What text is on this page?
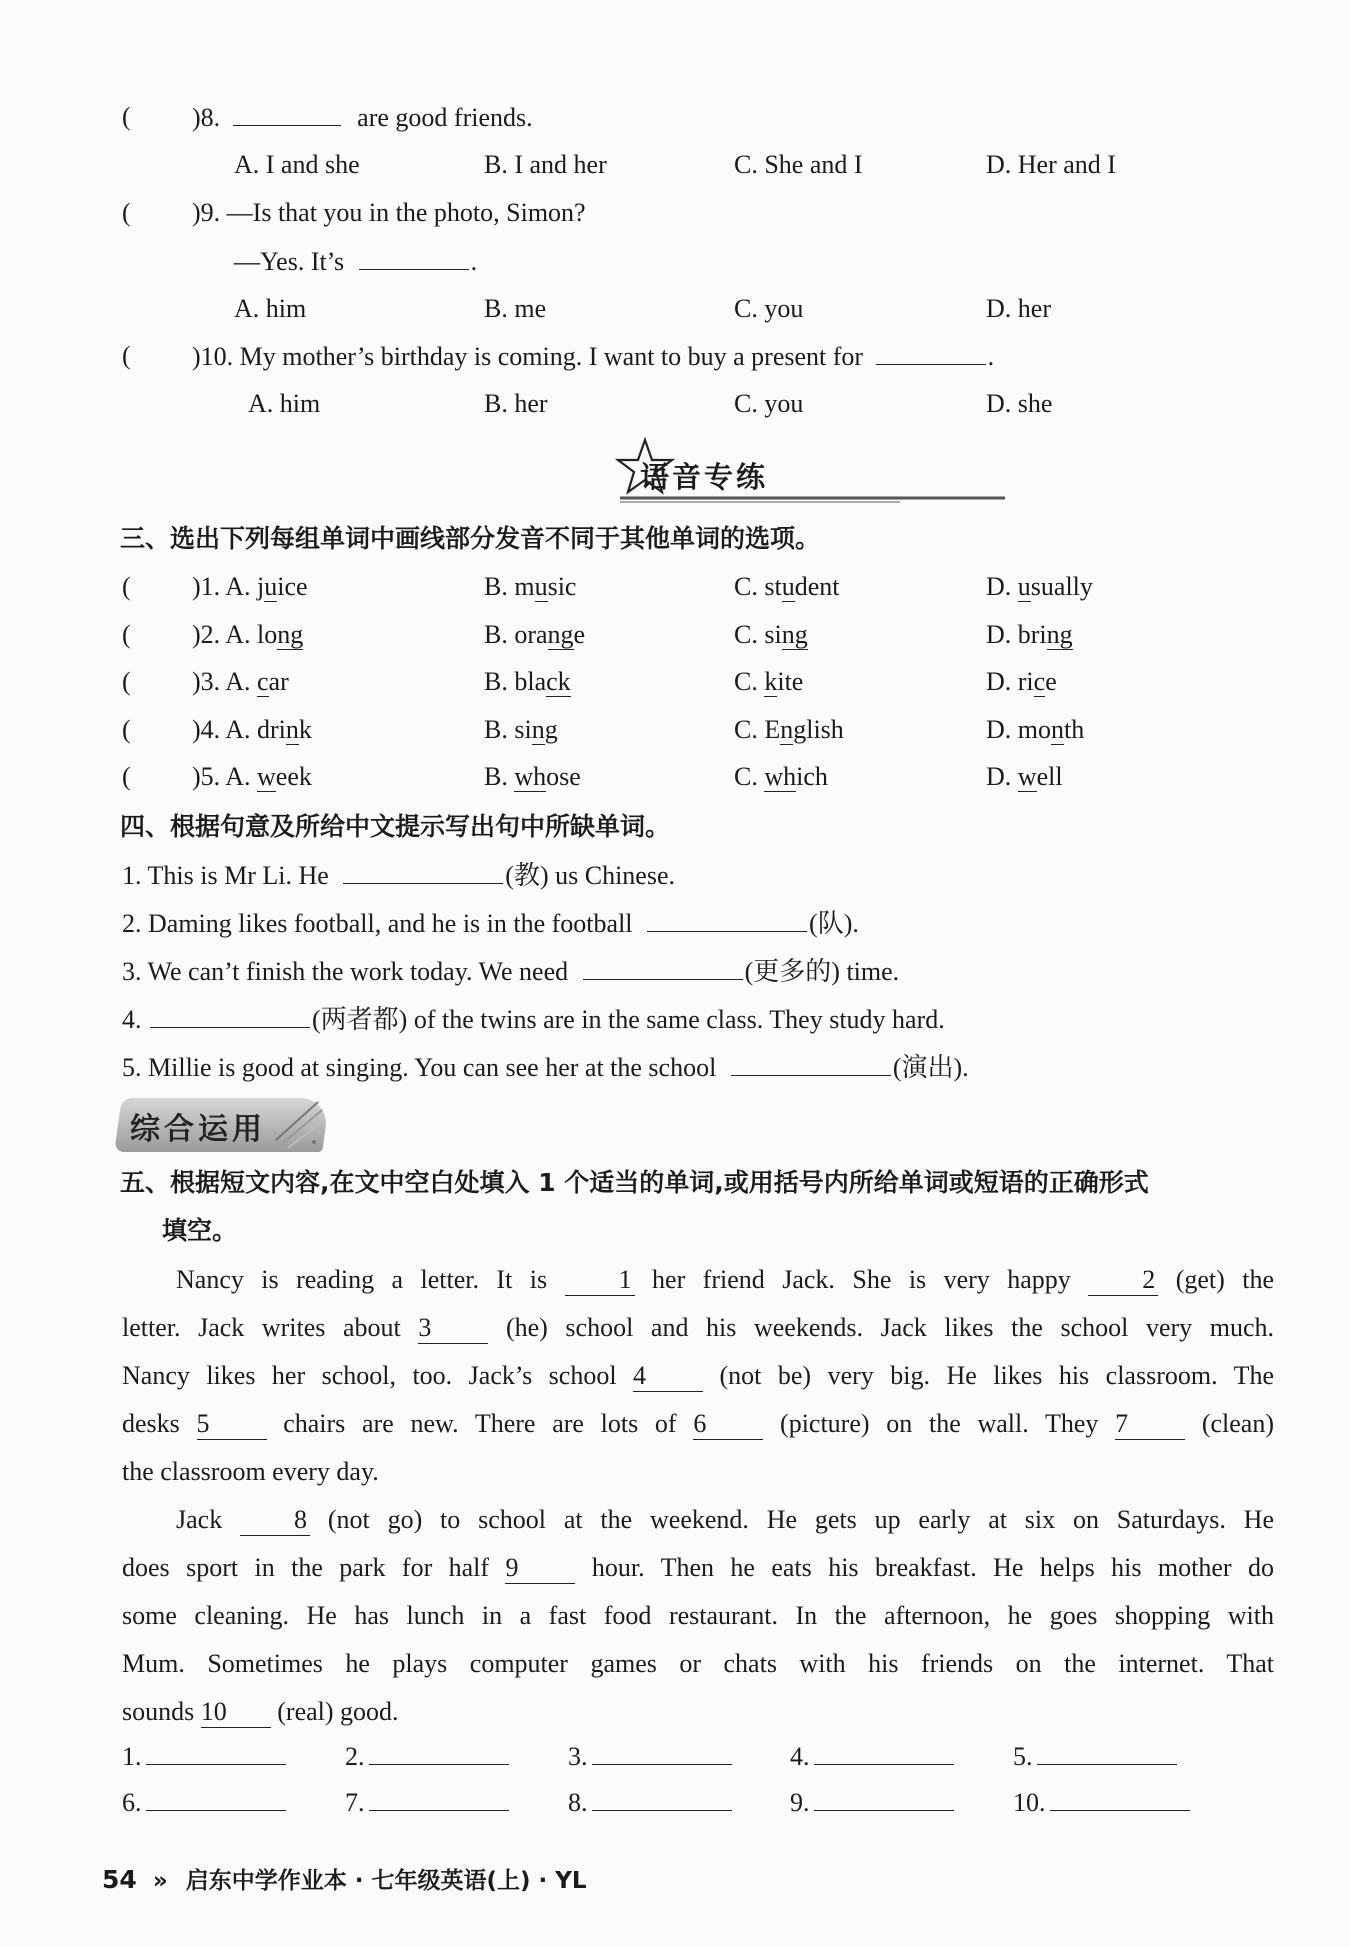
( )8.	are good friends.
A. I and she	B. I and her	C. She and I	D. Her and I
( )9. —Is that you in the photo, Simon?
—Yes. It’s	.
A. him	B. me	C. you	D. her
( )10. My mother’s birthday is coming. I want to buy a present for	.
A. him	B. her	C. you	D. she
语音专练
三、选出下列每组单词中画线部分发音不同于其他单词的选项。
( )1. A. juice	B. music	C. student	D. usually
( )2. A. long	B. orange	C. sing	D. bring
( )3. A. car	B. black	C. kite	D. rice
( )4. A. drink	B. sing	C. English	D. month
( )5. A. week	B. whose	C. which	D. well
四、根据句意及所给中文提示写出句中所缺单词。
1. This is Mr Li. He	(教) us Chinese.
2. Daming likes football, and he is in the football	(队).
3. We can’t finish the work today. We need	(更多的) time.
4.	(两者都) of the twins are in the same class. They study hard.
5. Millie is good at singing. You can see her at the school	(演出).
综合运用
五、根据短文内容,在文中空白处填入 1 个适当的单词,或用括号内所给单词或短语的正确形式
填空。
Nancy is reading a letter. It is 1 her friend Jack. She is very happy 2 (get) the
letter. Jack writes about 3 (he) school and his weekends. Jack likes the school very much.
Nancy likes her school, too. Jack’s school 4 (not be) very big. He likes his classroom. The
desks 5 chairs are new. There are lots of 6 (picture) on the wall. They 7 (clean)
the classroom every day.
Jack 8 (not go) to school at the weekend. He gets up early at six on Saturdays. He
does sport in the park for half 9 hour. Then he eats his breakfast. He helps his mother do
some cleaning. He has lunch in a fast food restaurant. In the afternoon, he goes shopping with
Mum. Sometimes he plays computer games or chats with his friends on the internet. That
sounds 10 (real) good.
1.	2.	3.	4.	5.
6.	7.	8.	9.	10.
54 » 启东中学作业本 · 七年级英语(上) · YL
